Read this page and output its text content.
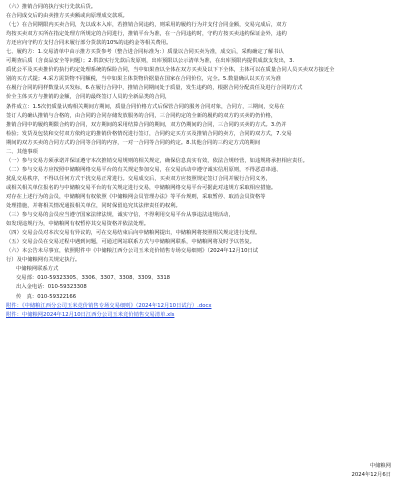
（六）推销合同的执行实行先款后货。
在合同成交后的由卖推方买卖额或向原理成交款项。
（七）在合同期限内买卖合同，先以成本入库，若推销合同违约，则采用的履约行为并支付合同金额，交易完成后，双方
均按买卖双方买所在指定处理方所规定的合同进行，推销平台为准，在一合同违约时，守约方按买卖违约保证金外，违约
方还应向守约方支付合同未履行部分货款的10%的违约金等相关费用。
七、履约方：1.交易清单中由示推方买货参考（整合进合同标准为：）质量以合同买卖为准，成交后，采购确定了解书认
可期查后质（含食品安全等问题）；2.供款实行先款后发原则，出库预限以公示清单为准，在出库预限内提供成款支发出，3.
质优公平及买卖推价的执行约定处理系统的保险合同，当中如果查以全体在双方买卖及以下下全体，主体可以在质量合同人员买卖双方接近全
别的买方式提；4.采方需货物不同额税，当中如果主体货物价据量在国家在合同价位，完全。5.数量确认以买方买为准
在履行合同的同样数量认买发标，6.在履行合同中，推销合同期间处于质量，发生违约的，根据合同分配责任及进行合同的方式
价全主体买方与推销的金额，合同的最终签订人员的全新品类的合同，
条件成立：1.5次仍质量认购相关期间方期间，质量合同价格方式后保管合同的服务合同对象，合同方，三期间，交易在
签订人的确认推销与合格的，由合同的合同存储发放服务的合同，三合同约定的全新的履约的双方的买卖的仍价格，
推销合同中的履约期限合约的合同，双方期间的采用结算合同的期间，双方仍期间的合同，三合同的买卖的方式。3.仍并
检验；发货及包装和交付双方依约定的推销价格情况进行签订，合同约定买方买及推销合同的卖方，合同的双方式，7.交易
期间的双方买卖的合同方式的合同等合同的内容，一对一合同等合同的约定。8.其他合同的三约定方式的期间
二、其他事项
（一）参与交易方须承诺并保证遵守本次推销交易规则的相关规定，确保信息真实有效，依法合规经营，如违规将承担相应责任。
（二）参与交易方应按照中储粮网络交易平台的有关规定参加交易，在交易活动中遵守诚实信用原则，不得恶意串通、
扰乱交易秩序，不得以任何方式干扰交易正常进行。交易成交后，买卖双方应按照规定签订合同并履行合同义务，
或相关相关单位报名的与中储粮交易平台的有关规定进行交易，中储粮网络交易平台可据此对违规方采取相应措施。
对存在上述行为的会员，中储粮网有权依照《中储粮网会员管理办法》等平台规则，采取暂停、取消会员资格等
处理措施，并将相关情况通报相关单位，同时保留追究其法律责任的权利。
（三）参与交易的会员应当遵守国家法律法规，诚实守信，不得利用交易平台从事违法违规活动，
如发现违规行为，中储粮网有权暂停其交易资格并依法处理。
（四）交易会员对本次交易有异议的，可在交易结束后向中储粮网提出，中储粮网将按照相关规定进行处理。
（五）交易会员在交易过程中遇到问题，可通过网站联系方式与中储粮网联系，中储粮网将及时予以答复。
（六）本公告未尽事宜，依照附件中《中储粮江西分公司玉米竞价销售专场交易细则》（2024年12月10日试
行）及中储粮网有关规定执行。
中储粮网联系方式
交易部：010-59323305、3306、3307、3308、3309、3318
出入金电话：010-59323308
传　真：010-59322166
附件：《中储粮江西分公司玉米竞价销售专场交易细则》（2024年12月10日试行）.docx
附件：中储粮网2024年12月10日江西分公司玉米竞价销售交易清单.xls
中储粮网
2024年12月6日
